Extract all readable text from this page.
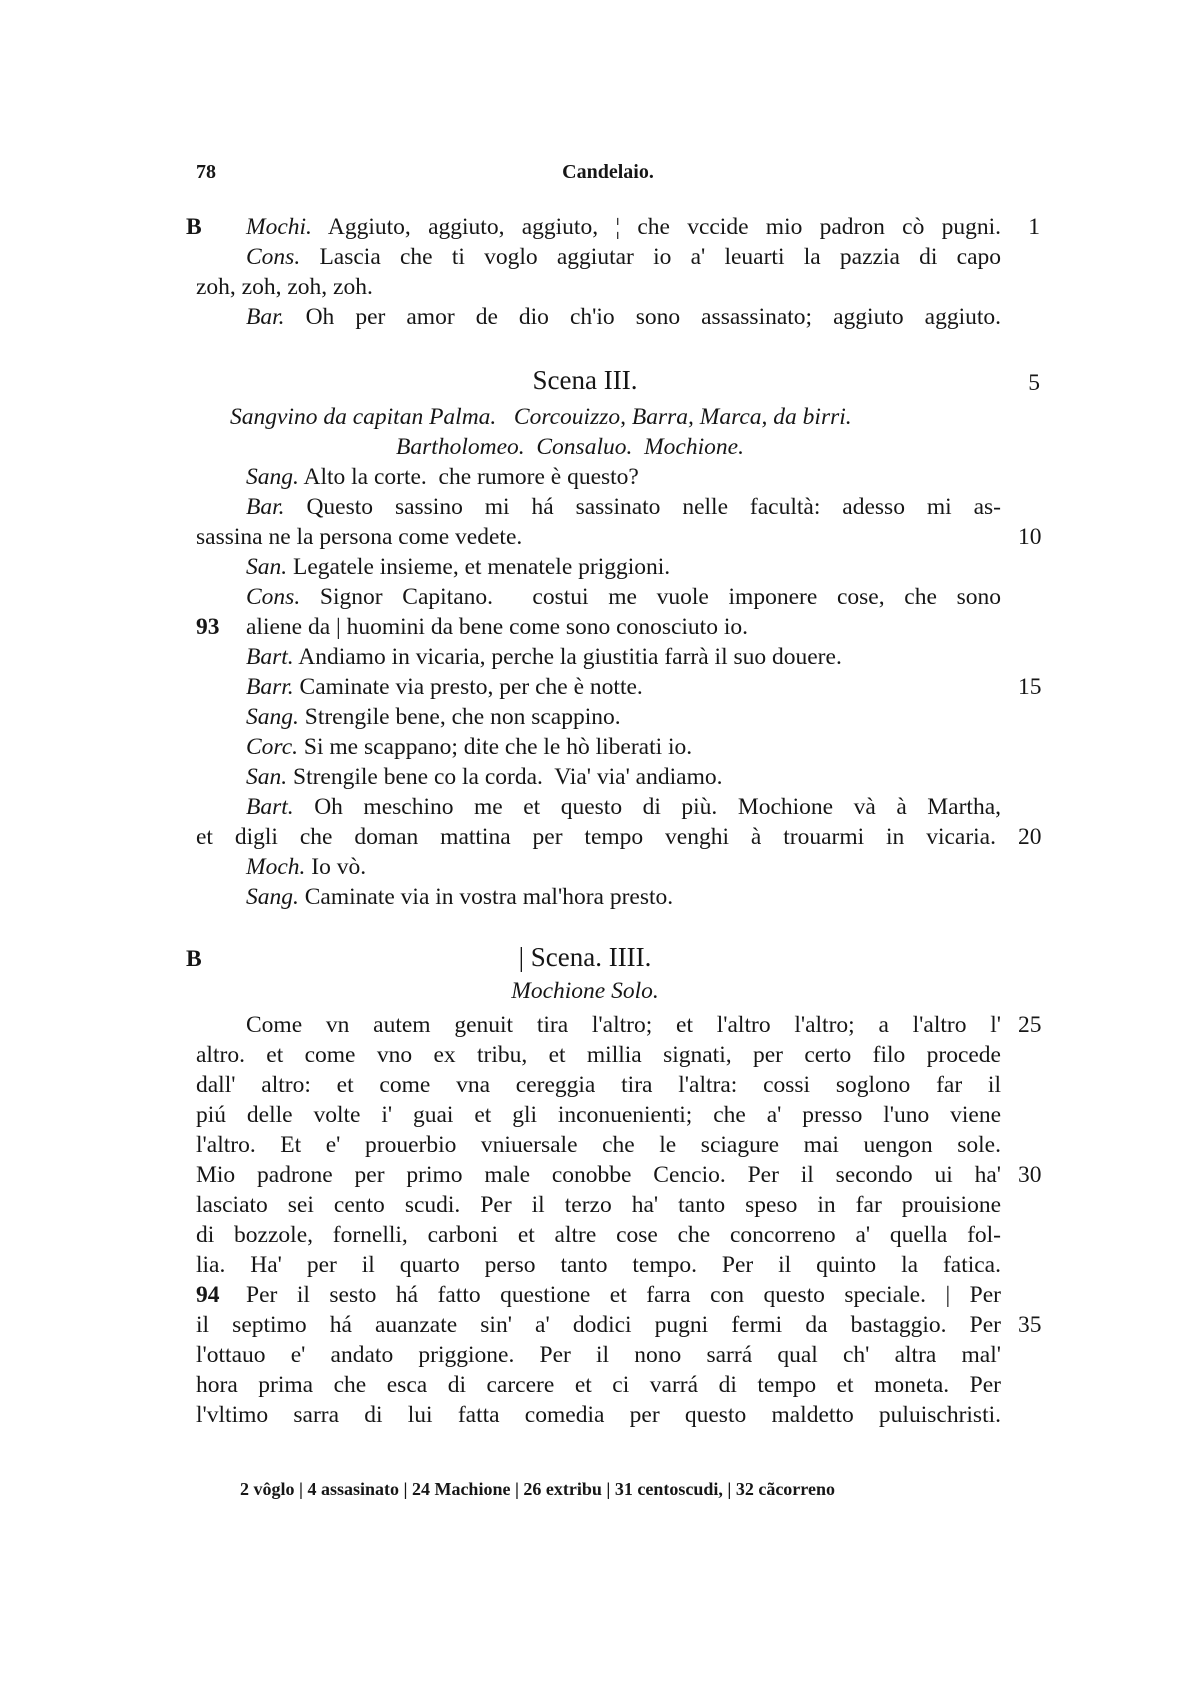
78	Candelaio.
B Mochi. Aggiuto, aggiuto, aggiuto, ¦ che vccide mio padron cò pugni.	1
Cons. Lascia che ti voglo aggiutar io a' leuarti la pazzia di capo
zoh, zoh, zoh, zoh.
Bar. Oh per amor de dio ch'io sono assassinato; aggiuto aggiuto.
Scena III.	5
Sangvino da capitan Palma.   Corcouizzo, Barra, Marca, da birri.
Bartholomeo.  Consaluo.  Mochione.
Sang. Alto la corte.  che rumore è questo?
Bar. Questo sassino mi há sassinato nelle facultà: adesso mi as-
sassina ne la persona come vedete.	10
San. Legatele insieme, et menatele priggioni.
Cons. Signor Capitano.  costui me vuole imponere cose, che sono
93 aliene da | huomini da bene come sono conosciuto io.
Bart. Andiamo in vicaria, perche la giustitia farrà il suo douere.
Barr. Caminate via presto, per che è notte.	15
Sang. Strengile bene, che non scappino.
Corc. Si me scappano; dite che le hò liberati io.
San. Strengile bene co la corda.  Via' via' andiamo.
Bart. Oh meschino me et questo di più. Mochione và à Martha,
et digli che doman mattina per tempo venghi à trouarmi in vicaria. 20
Moch. Io vò.
Sang. Caminate via in vostra mal'hora presto.
B	| Scena. IIII.
Mochione Solo.
Come vn autem genuit tira l'altro; et l'altro l'altro; a l'altro l' 25
altro. et come vno ex tribu, et millia signati, per certo filo procede
dall' altro: et come vna cereggia tira l'altra: cossi soglono far il
piú delle volte i' guai et gli inconuenienti; che a' presso l'uno viene
l'altro. Et e' prouerbio vniuersale che le sciagure mai uengon sole.
Mio padrone per primo male conobbe Cencio. Per il secondo ui ha' 30
lasciato sei cento scudi. Per il terzo ha' tanto speso in far prouisione
di bozzole, fornelli, carboni et altre cose che concorreno a' quella fol-
lia. Ha' per il quarto perso tanto tempo. Per il quinto la fatica.
94 Per il sesto há fatto questione et farra con questo speciale. | Per
il septimo há auanzate sin' a' dodici pugni fermi da bastaggio. Per 35
l'ottauo e' andato priggione. Per il nono sarrá qual ch' altra mal'
hora prima che esca di carcere et ci varrá di tempo et moneta. Per
l'vltimo sarra di lui fatta comedia per questo maldetto puluischristi.
2 vôglo | 4 assasinato | 24 Machione | 26 extribu | 31 centoscudi, | 32 cãcorreno
